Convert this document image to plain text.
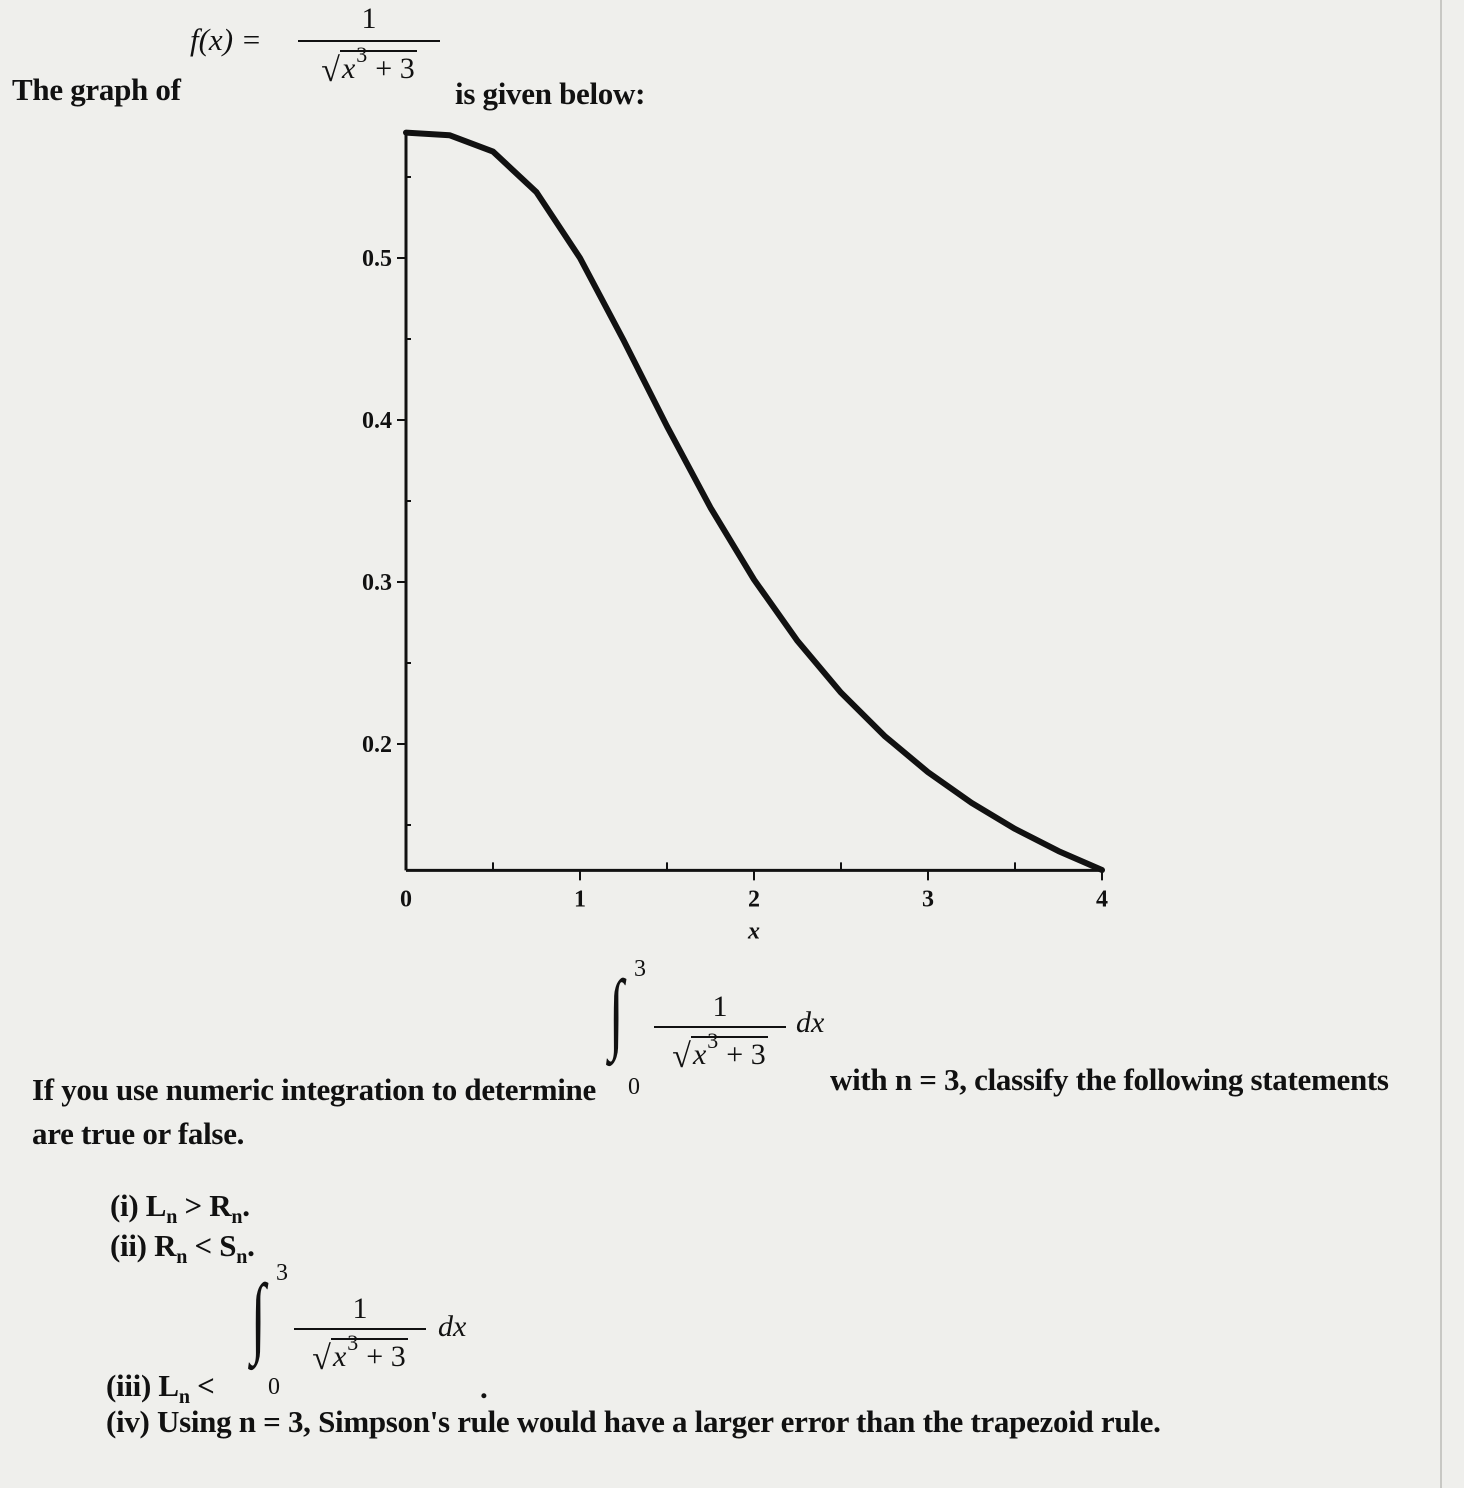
The graph of
f(x) =
1
√ $x^3 + 3$
is given below:
0.2
0.3
0.4
0.5
0	1	2	3	4
x
If you use numeric integration to determine
∫ 3
0
1
√ $x^3 + 3$
dx
with n = 3, classify the following statements
are true or false.
(i) $L_n > R_n$.
(ii) $R_n < S_n$.
(iii) $L_n$ <
∫ 3
0
1
√ $x^3 + 3$
dx
.
(iv) Using n = 3, Simpson's rule would have a larger error than the trapezoid rule.
